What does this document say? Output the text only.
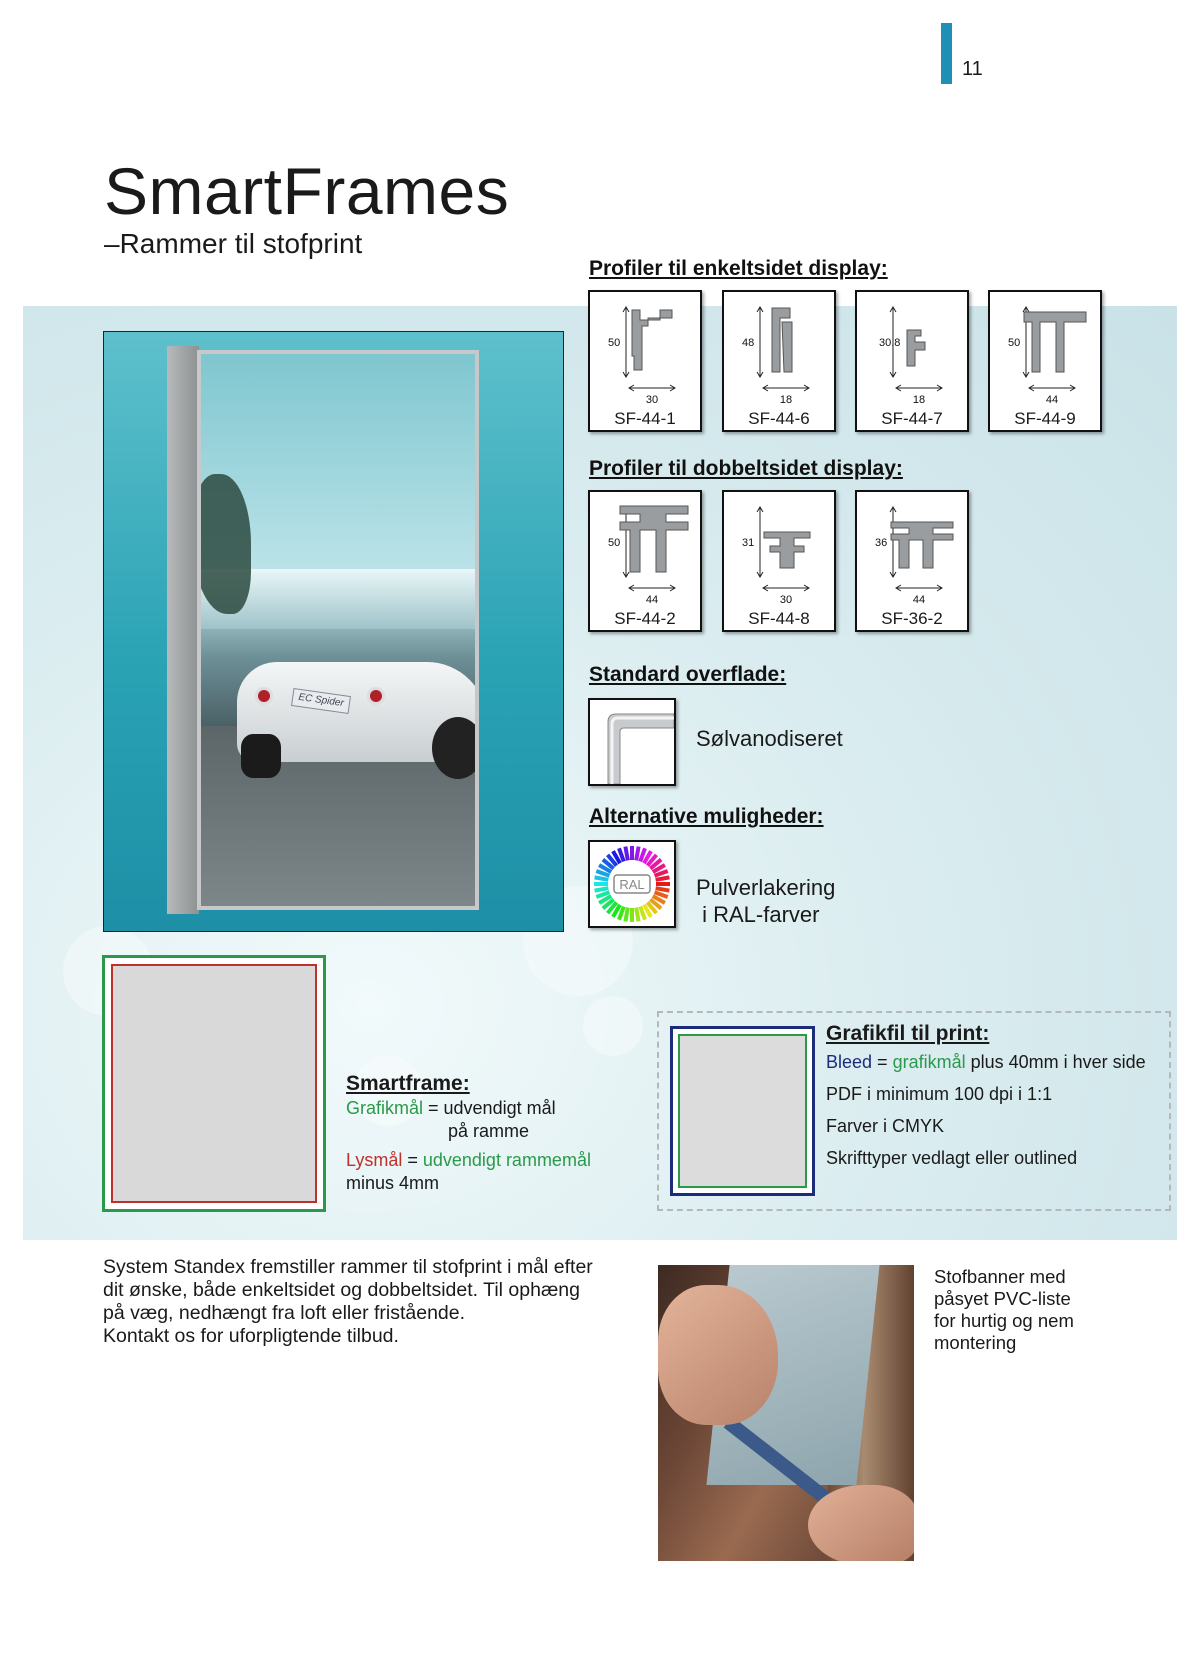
11
SmartFrames
–Rammer til stofprint
EC Spider
Profiler til enkeltsidet display:
50
30
SF-44-1
48
18
SF-44-6
30.8
18
SF-44-7
50
44
SF-44-9
Profiler til dobbeltsidet display:
50
44
SF-44-2
31
30
SF-44-8
36
44
SF-36-2
Standard overflade:
Sølvanodiseret
Alternative muligheder:
RAL Pulverlakering
i RAL-farver
Smartframe:
Grafikmål = udvendigt mål
på ramme
Lysmål = udvendigt rammemål
minus 4mm
Grafikfil til print:

Bleed = grafikmål plus 40mm i hver side

PDF i minimum 100 dpi i 1:1

Farver i CMYK

Skrifttyper vedlagt eller outlined

System Standex fremstiller rammer til stofprint i mål efter
dit ønske, både enkeltsidet og dobbeltsidet. Til ophæng
på væg, nedhængt fra loft eller fristående.
Kontakt os for uforpligtende tilbud.
Stofbanner med
påsyet PVC-liste
for hurtig og nem
montering
